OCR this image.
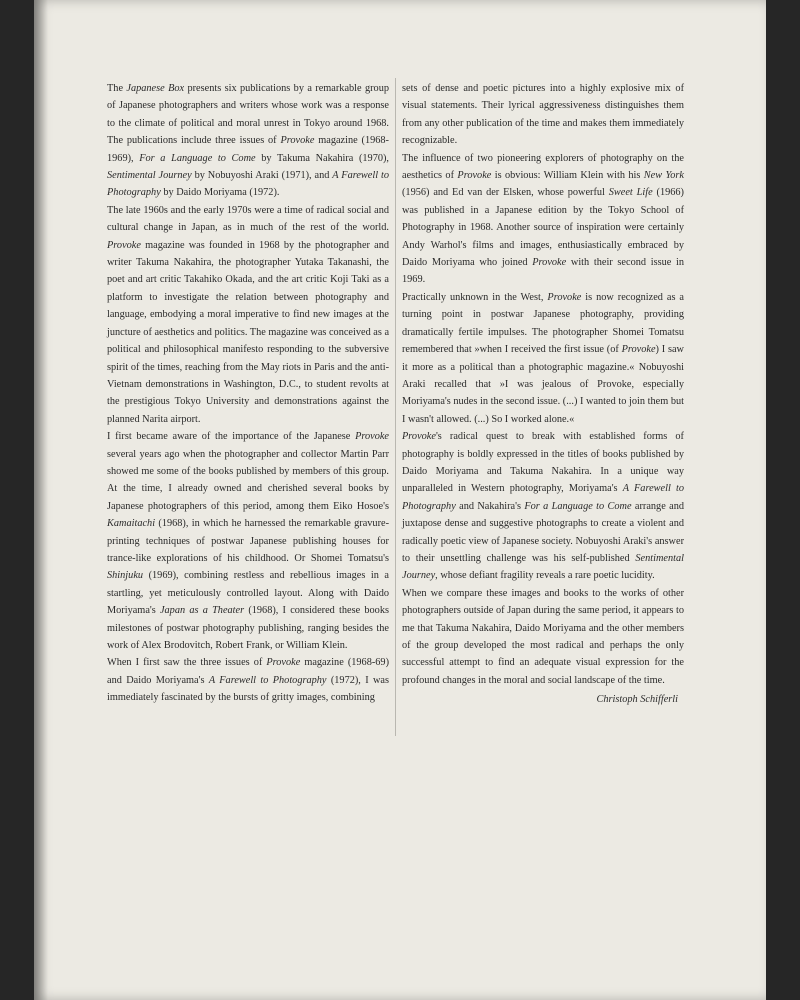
The Japanese Box presents six publications by a remarkable group of Japanese photographers and writers whose work was a response to the climate of political and moral unrest in Tokyo around 1968. The publications include three issues of Provoke magazine (1968-1969), For a Language to Come by Takuma Nakahira (1970), Sentimental Journey by Nobuyoshi Araki (1971), and A Farewell to Photography by Daido Moriyama (1972).

The late 1960s and the early 1970s were a time of radical social and cultural change in Japan, as in much of the rest of the world. Provoke magazine was founded in 1968 by the photographer and writer Takuma Nakahira, the photographer Yutaka Takanashi, the poet and art critic Takahiko Okada, and the art critic Koji Taki as a platform to investigate the relation between photography and language, embodying a moral imperative to find new images at the juncture of aesthetics and politics. The magazine was conceived as a political and philosophical manifesto responding to the subversive spirit of the times, reaching from the May riots in Paris and the anti-Vietnam demonstrations in Washington, D.C., to student revolts at the prestigious Tokyo University and demonstrations against the planned Narita airport.

I first became aware of the importance of the Japanese Provoke several years ago when the photographer and collector Martin Parr showed me some of the books published by members of this group. At the time, I already owned and cherished several books by Japanese photographers of this period, among them Eiko Hosoe's Kamaitachi (1968), in which he harnessed the remarkable gravure-printing techniques of postwar Japanese publishing houses for trance-like explorations of his childhood. Or Shomei Tomatsu's Shinjuku (1969), combining restless and rebellious images in a startling, yet meticulously controlled layout. Along with Daido Moriyama's Japan as a Theater (1968), I considered these books milestones of postwar photography publishing, ranging besides the work of Alex Brodovitch, Robert Frank, or William Klein.

When I first saw the three issues of Provoke magazine (1968-69) and Daido Moriyama's A Farewell to Photography (1972), I was immediately fascinated by the bursts of gritty images, combining

sets of dense and poetic pictures into a highly explosive mix of visual statements. Their lyrical aggressiveness distinguishes them from any other publication of the time and makes them immediately recognizable.

The influence of two pioneering explorers of photography on the aesthetics of Provoke is obvious: William Klein with his New York (1956) and Ed van der Elsken, whose powerful Sweet Life (1966) was published in a Japanese edition by the Tokyo School of Photography in 1968. Another source of inspiration were certainly Andy Warhol's films and images, enthusiastically embraced by Daido Moriyama who joined Provoke with their second issue in 1969.

Practically unknown in the West, Provoke is now recognized as a turning point in postwar Japanese photography, providing dramatically fertile impulses. The photographer Shomei Tomatsu remembered that »when I received the first issue (of Provoke) I saw it more as a political than a photographic magazine.« Nobuyoshi Araki recalled that »I was jealous of Provoke, especially Moriyama's nudes in the second issue. (...) I wanted to join them but I wasn't allowed. (...) So I worked alone.«

Provoke's radical quest to break with established forms of photography is boldly expressed in the titles of books published by Daido Moriyama and Takuma Nakahira. In a unique way unparalleled in Western photography, Moriyama's A Farewell to Photography and Nakahira's For a Language to Come arrange and juxtapose dense and suggestive photographs to create a violent and radically poetic view of Japanese society. Nobuyoshi Araki's answer to their unsettling challenge was his self-published Sentimental Journey, whose defiant fragility reveals a rare poetic lucidity.

When we compare these images and books to the works of other photographers outside of Japan during the same period, it appears to me that Takuma Nakahira, Daido Moriyama and the other members of the group developed the most radical and perhaps the only successful attempt to find an adequate visual expression for the profound changes in the moral and social landscape of the time.

Christoph Schifferli
